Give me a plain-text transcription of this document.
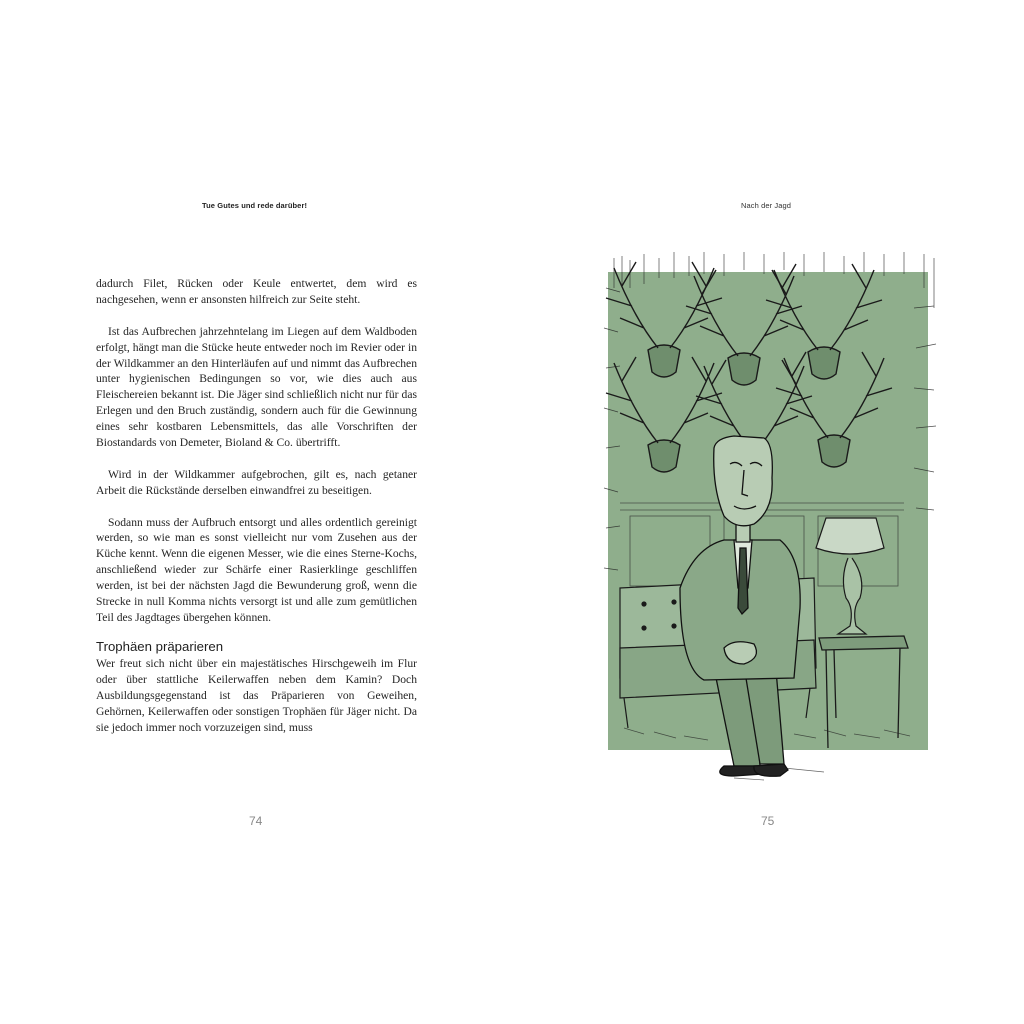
Tue Gutes und rede darüber!

dadurch Filet, Rücken oder Keule entwertet, dem wird es nachgesehen, wenn er ansonsten hilfreich zur Seite steht.

Ist das Aufbrechen jahrzehntelang im Liegen auf dem Waldboden erfolgt, hängt man die Stücke heute entweder noch im Revier oder in der Wildkammer an den Hinterläufen auf und nimmt das Aufbrechen unter hygienischen Bedingungen so vor, wie dies auch aus Fleischereien bekannt ist. Die Jäger sind schließlich nicht nur für das Erlegen und den Bruch zuständig, sondern auch für die Gewinnung eines sehr kostbaren Lebensmittels, das alle Vorschriften der Biostandards von Demeter, Bioland & Co. übertrifft.

Wird in der Wildkammer aufgebrochen, gilt es, nach getaner Arbeit die Rückstände derselben einwandfrei zu beseitigen.

Sodann muss der Aufbruch entsorgt und alles ordentlich gereinigt werden, so wie man es sonst vielleicht nur vom Zusehen aus der Küche kennt. Wenn die eigenen Messer, wie die eines Sterne-Kochs, anschließend wieder zur Schärfe einer Rasierklinge geschliffen werden, ist bei der nächsten Jagd die Bewunderung groß, wenn die Strecke in null Komma nichts versorgt ist und alle zum gemütlichen Teil des Jagdtages übergehen können.

Trophäen präparieren

Wer freut sich nicht über ein majestätisches Hirschgeweih im Flur oder über stattliche Keilerwaffen neben dem Kamin? Doch Ausbildungsgegenstand ist das Präparieren von Geweihen, Gehörnen, Keilerwaffen oder sonstigen Trophäen für Jäger nicht. Da sie jedoch immer noch vorzuzeigen sind, muss

74
Nach der Jagd
75
